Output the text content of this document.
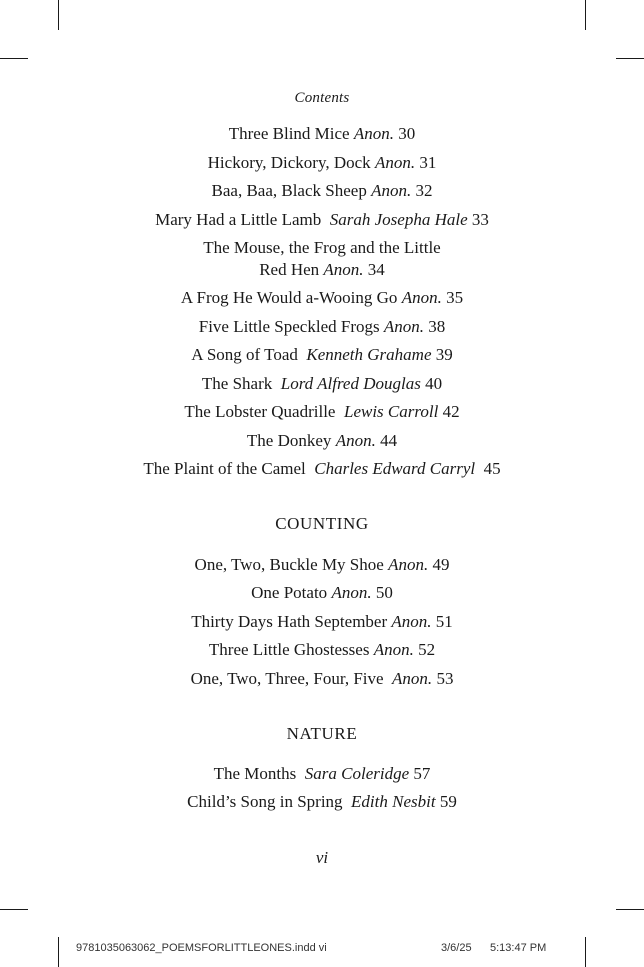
Contents
Three Blind Mice Anon. 30
Hickory, Dickory, Dock Anon. 31
Baa, Baa, Black Sheep Anon. 32
Mary Had a Little Lamb Sarah Josepha Hale 33
The Mouse, the Frog and the Little
Red Hen Anon. 34
A Frog He Would a-Wooing Go Anon. 35
Five Little Speckled Frogs Anon. 38
A Song of Toad Kenneth Grahame 39
The Shark Lord Alfred Douglas 40
The Lobster Quadrille Lewis Carroll 42
The Donkey Anon. 44
The Plaint of the Camel Charles Edward Carryl 45
COUNTING
One, Two, Buckle My Shoe Anon. 49
One Potato Anon. 50
Thirty Days Hath September Anon. 51
Three Little Ghostesses Anon. 52
One, Two, Three, Four, Five Anon. 53
NATURE
The Months Sara Coleridge 57
Child’s Song in Spring Edith Nesbit 59
vi
9781035063062_POEMSFORLITTLEONES.indd vi	3/6/25 5:13:47 PM
